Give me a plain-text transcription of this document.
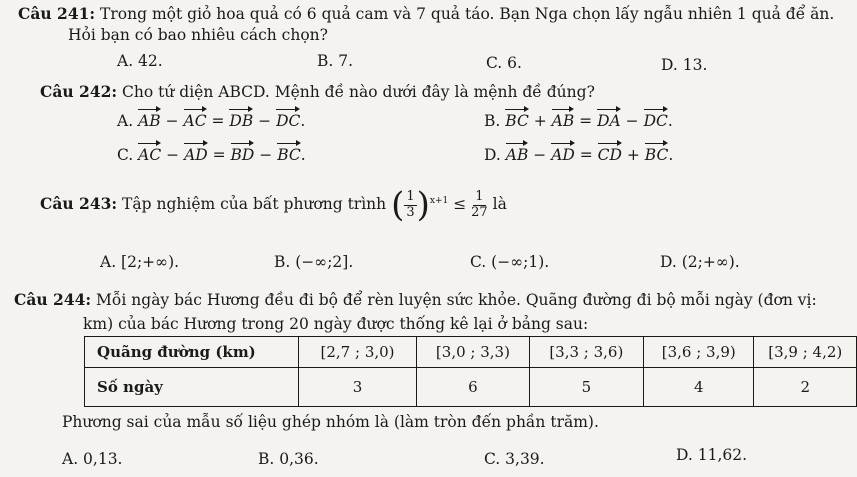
Câu 241: Trong một giỏ hoa quả có 6 quả cam và 7 quả táo. Bạn Nga chọn lấy ngẫu nhiên 1 quả để ăn.
Hỏi bạn có bao nhiêu cách chọn?
A. 42.	B. 7.	C. 6.	D. 13.
Câu 242: Cho tứ diện ABCD. Mệnh đề nào dưới đây là mệnh đề đúng?
A. AB − AC = DB − DC.	B. BC + AB = DA − DC.
C. AC − AD = BD − BC.	D. AB − AD = CD + BC.
Câu 243: Tập nghiệm của bất phương trình ( $\frac{1}{3} )^{x+1} \le \frac{1}{27}$ là
A. [2;+∞).	B. (−∞;2].	C. (−∞;1).	D. (2;+∞).
Câu 244: Mỗi ngày bác Hương đều đi bộ để rèn luyện sức khỏe. Quãng đường đi bộ mỗi ngày (đơn vị:
km) của bác Hương trong 20 ngày được thống kê lại ở bảng sau:
Quãng đường (km)	[2,7 ; 3,0)	[3,0 ; 3,3)	[3,3 ; 3,6)	[3,6 ; 3,9)	[3,9 ; 4,2)
Số ngày	3	6	5	4	2
Phương sai của mẫu số liệu ghép nhóm là (làm tròn đến phần trăm).
A. 0,13.	B. 0,36.	C. 3,39.	D. 11,62.
